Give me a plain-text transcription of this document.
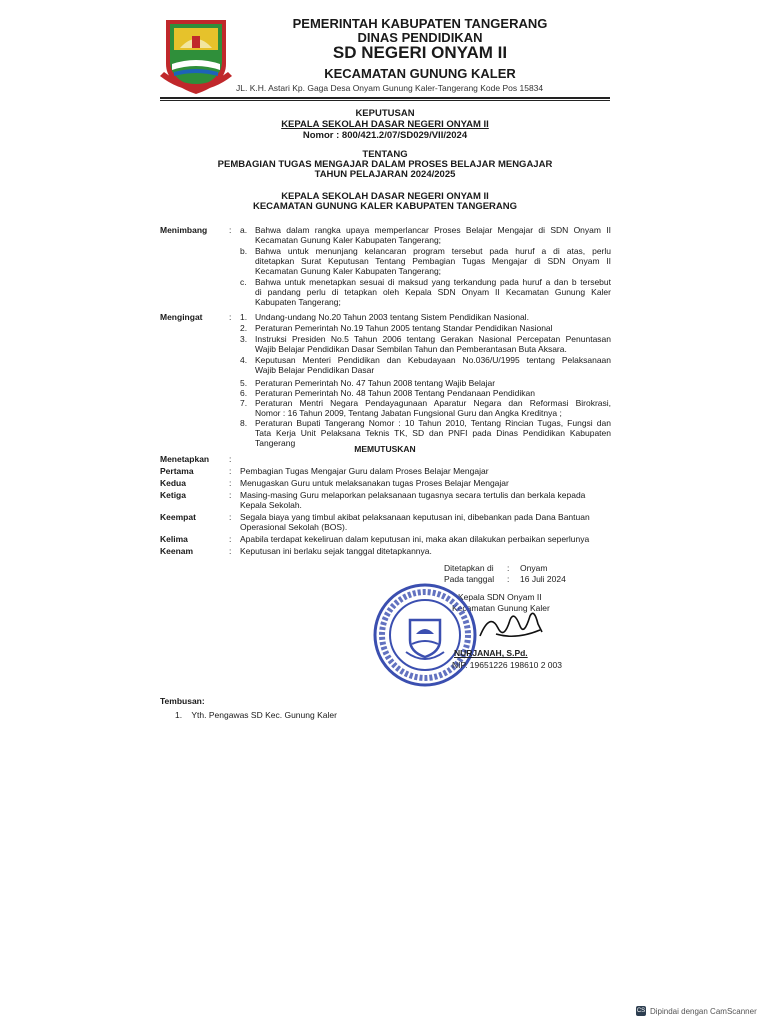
PEMERINTAH KABUPATEN TANGERANG
DINAS PENDIDIKAN
SD NEGERI ONYAM II
KECAMATAN GUNUNG KALER
JL. K.H. Astari Kp. Gaga Desa Onyam Gunung Kaler-Tangerang Kode Pos 15834
KEPUTUSAN
KEPALA SEKOLAH DASAR NEGERI ONYAM II
Nomor : 800/421.2/07/SD029/VII/2024
TENTANG
PEMBAGIAN TUGAS MENGAJAR DALAM PROSES BELAJAR MENGAJAR
TAHUN PELAJARAN 2024/2025
KEPALA SEKOLAH DASAR NEGERI ONYAM II
KECAMATAN GUNUNG KALER KABUPATEN TANGERANG
Menimbang	: a. Bahwa dalam rangka upaya memperlancar Proses Belajar Mengajar di SDN Onyam II
Kecamatan Gunung Kaler Kabupaten Tangerang;
b. Bahwa untuk menunjang kelancaran program tersebut pada huruf a di atas, perlu
ditetapkan Surat Keputusan Tentang Pembagian Tugas Mengajar di SDN Onyam II
Kecamatan Gunung Kaler Kabupaten Tangerang;
c. Bahwa untuk menetapkan sesuai di maksud yang terkandung pada huruf a dan b tersebut
di pandang perlu di tetapkan oleh Kepala SDN Onyam II Kecamatan Gunung Kaler
Kabupaten Tangerang;
Mengingat	: 1. Undang-undang No.20 Tahun 2003 tentang Sistem Pendidikan Nasional.
2. Peraturan Pemerintah No.19 Tahun 2005 tentang Standar Pendidikan Nasional
3. Instruksi Presiden No.5 Tahun 2006 tentang Gerakan Nasional Percepatan Penuntasan
Wajib Belajar Pendidikan Dasar Sembilan Tahun dan Pemberantasan Buta Aksara.
4. Keputusan Menteri Pendidikan dan Kebudayaan No.036/U/1995 tentang Pelaksanaan
Wajib Belajar Pendidikan Dasar
5. Peraturan Pemerintah No. 47 Tahun 2008 tentang Wajib Belajar
6. Peraturan Pemerintah No. 48 Tahun 2008 Tentang Pendanaan Pendidikan
7. Peraturan Mentri Negara Pendayagunaan Aparatur Negara dan Reformasi Birokrasi,
Nomor : 16 Tahun 2009, Tentang Jabatan Fungsional Guru dan Angka Kreditnya ;
8. Peraturan Bupati Tangerang Nomor : 10 Tahun 2010, Tentang Rincian Tugas, Fungsi dan
Tata Kerja Unit Pelaksana Teknis TK, SD dan PNFI pada Dinas Pendidikan Kabupaten
Tangerang
MEMUTUSKAN
Menetapkan :
Pertama	: Pembagian Tugas Mengajar Guru dalam Proses Belajar Mengajar
Kedua	: Menugaskan Guru untuk melaksanakan tugas Proses Belajar Mengajar
Ketiga	: Masing-masing Guru melaporkan pelaksanaan tugasnya secara tertulis dan berkala kepada
Kepala Sekolah.
Keempat	: Segala biaya yang timbul akibat pelaksanaan keputusan ini, dibebankan pada Dana Bantuan
Operasional Sekolah (BOS).
Kelima	: Apabila terdapat kekeliruan dalam keputusan ini, maka akan dilakukan perbaikan seperlunya
Keenam	: Keputusan ini berlaku sejak tanggal ditetapkannya.
Ditetapkan di : Onyam
Pada tanggal : 16 Juli 2024
Kepala SDN Onyam II
Kecamatan Gunung Kaler
NURJANAH, S.Pd.
NIP. 19651226 198610 2 003
Tembusan:
1.    Yth. Pengawas SD Kec. Gunung Kaler
CS Dipindai dengan CamScanner
